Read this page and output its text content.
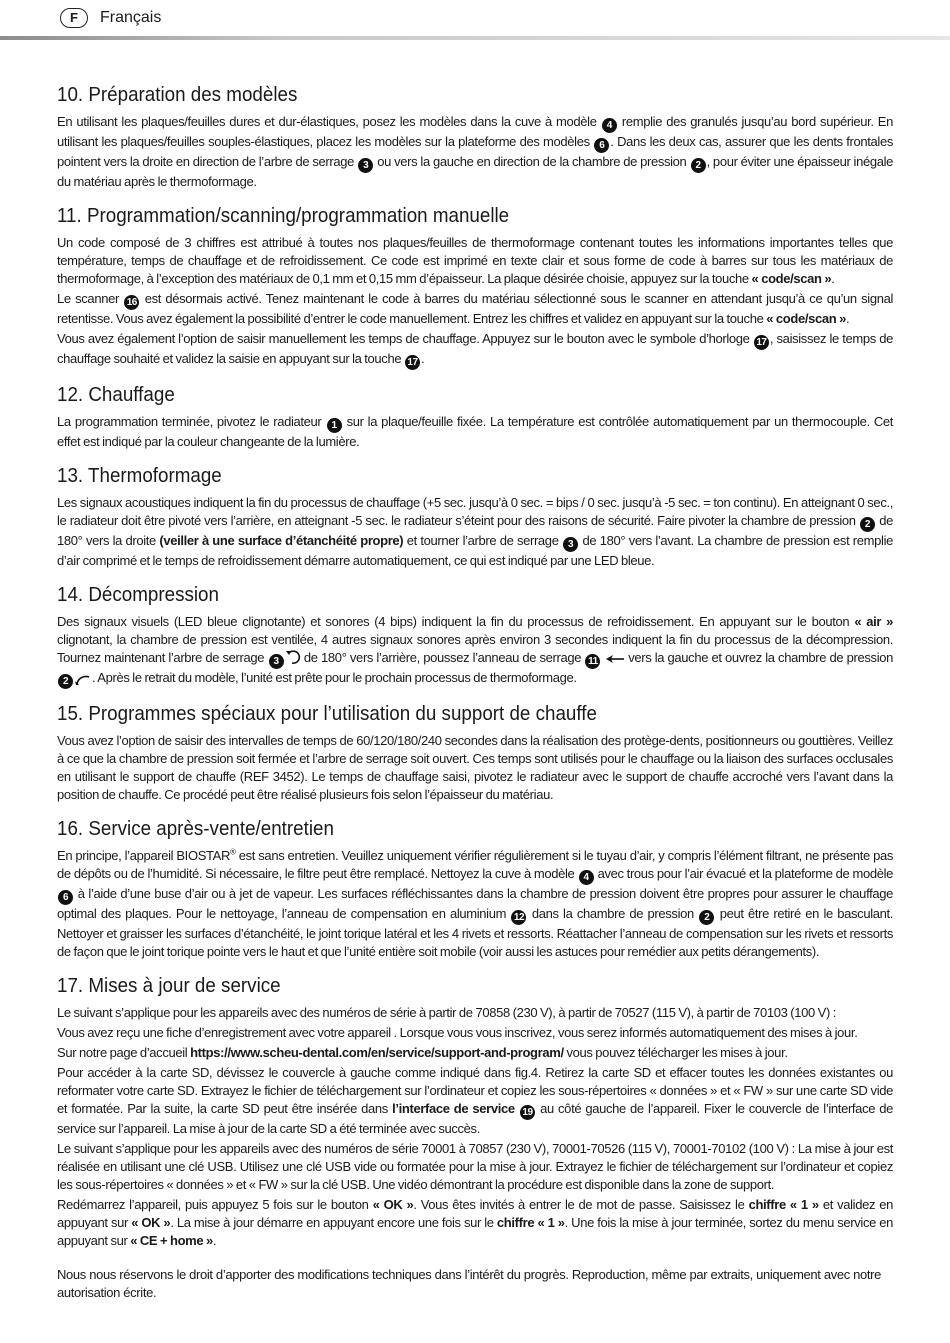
F	Français
10. Préparation des modèles

En utilisant les plaques/feuilles dures et dur-élastiques, posez les modèles dans la cuve à modèle 4 remplie des granulés jusqu’au bord supérieur. En utilisant les plaques/feuilles souples-élastiques, placez les modèles sur la plateforme des modèles 6 . Dans les deux cas, assurer que les dents frontales pointent vers la droite en direction de l’arbre de serrage 3 ou vers la gauche en direction de la chambre de pression 2 , pour éviter une épaisseur inégale du matériau après le thermoformage.

11. Programmation/scanning/programmation manuelle

Un code composé de 3 chiffres est attribué à toutes nos plaques/feuilles de thermoformage contenant toutes les informations importantes telles que température, temps de chauffage et de refroidissement. Ce code est imprimé en texte clair et sous forme de code à barres sur tous les matériaux de thermoformage, à l’exception des matériaux de 0,1 mm et 0,15 mm d’épaisseur. La plaque désirée choisie, appuyez sur la touche « code/scan ».

Le scanner 16 est désormais activé. Tenez maintenant le code à barres du matériau sélectionné sous le scanner en attendant jusqu’à ce qu’un signal retentisse. Vous avez également la possibilité d’entrer le code manuellement. Entrez les chiffres et validez en appuyant sur la touche « code/scan ».

Vous avez également l’option de saisir manuellement les temps de chauffage. Appuyez sur le bouton avec le symbole d’horloge 17 , saisissez le temps de chauffage souhaité et validez la saisie en appuyant sur la touche 17 .

12. Chauffage

La programmation terminée, pivotez le radiateur 1 sur la plaque/feuille fixée. La température est contrôlée automatiquement par un thermocouple. Cet effet est indiqué par la couleur changeante de la lumière.

13. Thermoformage

Les signaux acoustiques indiquent la fin du processus de chauffage (+5 sec. jusqu’à 0 sec. = bips / 0 sec. jusqu’à -5 sec. = ton continu). En atteignant 0 sec., le radiateur doit être pivoté vers l’arrière, en atteignant -5 sec. le radiateur s’éteint pour des raisons de sécurité. Faire pivoter la chambre de pression 2 de 180° vers la droite (veiller à une surface d’étanchéité propre) et tourner l’arbre de serrage 3 de 180° vers l’avant. La chambre de pression est remplie d’air comprimé et le temps de refroidissement démarre automatiquement, ce qui est indiqué par une LED bleue.

14. Décompression

Des signaux visuels (LED bleue clignotante) et sonores (4 bips) indiquent la fin du processus de refroidissement. En appuyant sur le bouton « air » clignotant, la chambre de pression est ventilée, 4 autres signaux sonores après environ 3 secondes indiquent la fin du processus de la décompression. Tournez maintenant l’arbre de serrage 3 de 180° vers l’arrière, poussez l’anneau de serrage 11 vers la gauche et ouvrez la chambre de pression 2 . Après le retrait du modèle, l’unité est prête pour le prochain processus de thermoformage.

15. Programmes spéciaux pour l’utilisation du support de chauffe

Vous avez l’option de saisir des intervalles de temps de 60/120/180/240 secondes dans la réalisation des protège-dents, positionneurs ou gouttières. Veillez à ce que la chambre de pression soit fermée et l’arbre de serrage soit ouvert. Ces temps sont utilisés pour le chauffage ou la liaison des surfaces occlusales en utilisant le support de chauffe (REF 3452). Le temps de chauffage saisi, pivotez le radiateur avec le support de chauffe accroché vers l’avant dans la position de chauffe. Ce procédé peut être réalisé plusieurs fois selon l’épaisseur du matériau.

16. Service après-vente/entretien

En principe, l’appareil BIOSTAR® est sans entretien. Veuillez uniquement vérifier régulièrement si le tuyau d’air, y compris l’élément filtrant, ne présente pas de dépôts ou de l’humidité. Si nécessaire, le filtre peut être remplacé. Nettoyez la cuve à modèle 4 avec trous pour l’air évacué et la plateforme de modèle 6 à l’aide d’une buse d’air ou à jet de vapeur. Les surfaces réfléchissantes dans la chambre de pression doivent être propres pour assurer le chauffage optimal des plaques. Pour le nettoyage, l’anneau de compensation en aluminium 12 dans la chambre de pression 2 peut être retiré en le basculant. Nettoyer et graisser les surfaces d’étanchéité, le joint torique latéral et les 4 rivets et ressorts. Réattacher l’anneau de compensation sur les rivets et ressorts de façon que le joint torique pointe vers le haut et que l’unité entière soit mobile (voir aussi les astuces pour remédier aux petits dérangements).

17. Mises à jour de service

Le suivant s’applique pour les appareils avec des numéros de série à partir de 70858 (230 V), à partir de 70527 (115 V), à partir de 70103 (100 V) :

Vous avez reçu une fiche d’enregistrement avec votre appareil . Lorsque vous vous inscrivez, vous serez informés automatiquement des mises à jour.

Sur notre page d’accueil https://www.scheu-dental.com/en/service/support-and-program/ vous pouvez télécharger les mises à jour.

Pour accéder à la carte SD, dévissez le couvercle à gauche comme indiqué dans fig.4. Retirez la carte SD et effacer toutes les données existantes ou reformater votre carte SD. Extrayez le fichier de téléchargement sur l’ordinateur et copiez les sous-répertoires « données » et « FW » sur une carte SD vide et formatée. Par la suite, la carte SD peut être insérée dans l’interface de service 19 au côté gauche de l’appareil. Fixer le couvercle de l’interface de service sur l’appareil. La mise à jour de la carte SD a été terminée avec succès.

Le suivant s’applique pour les appareils avec des numéros de série 70001 à 70857 (230 V), 70001-70526 (115 V), 70001-70102 (100 V) : La mise à jour est réalisée en utilisant une clé USB. Utilisez une clé USB vide ou formatée pour la mise à jour. Extrayez le fichier de téléchargement sur l’ordinateur et copiez les sous-répertoires « données » et « FW » sur la clé USB. Une vidéo démontrant la procédure est disponible dans la zone de support.

Redémarrez l’appareil, puis appuyez 5 fois sur le bouton « OK ». Vous êtes invités à entrer le de mot de passe. Saisissez le chiffre « 1 » et validez en appuyant sur « OK ». La mise à jour démarre en appuyant encore une fois sur le chiffre « 1 ». Une fois la mise à jour terminée, sortez du menu service en appuyant sur « CE + home ».

Nous nous réservons le droit d’apporter des modifications techniques dans l’intérêt du progrès. Reproduction, même par extraits, uniquement avec notre autorisation écrite.
